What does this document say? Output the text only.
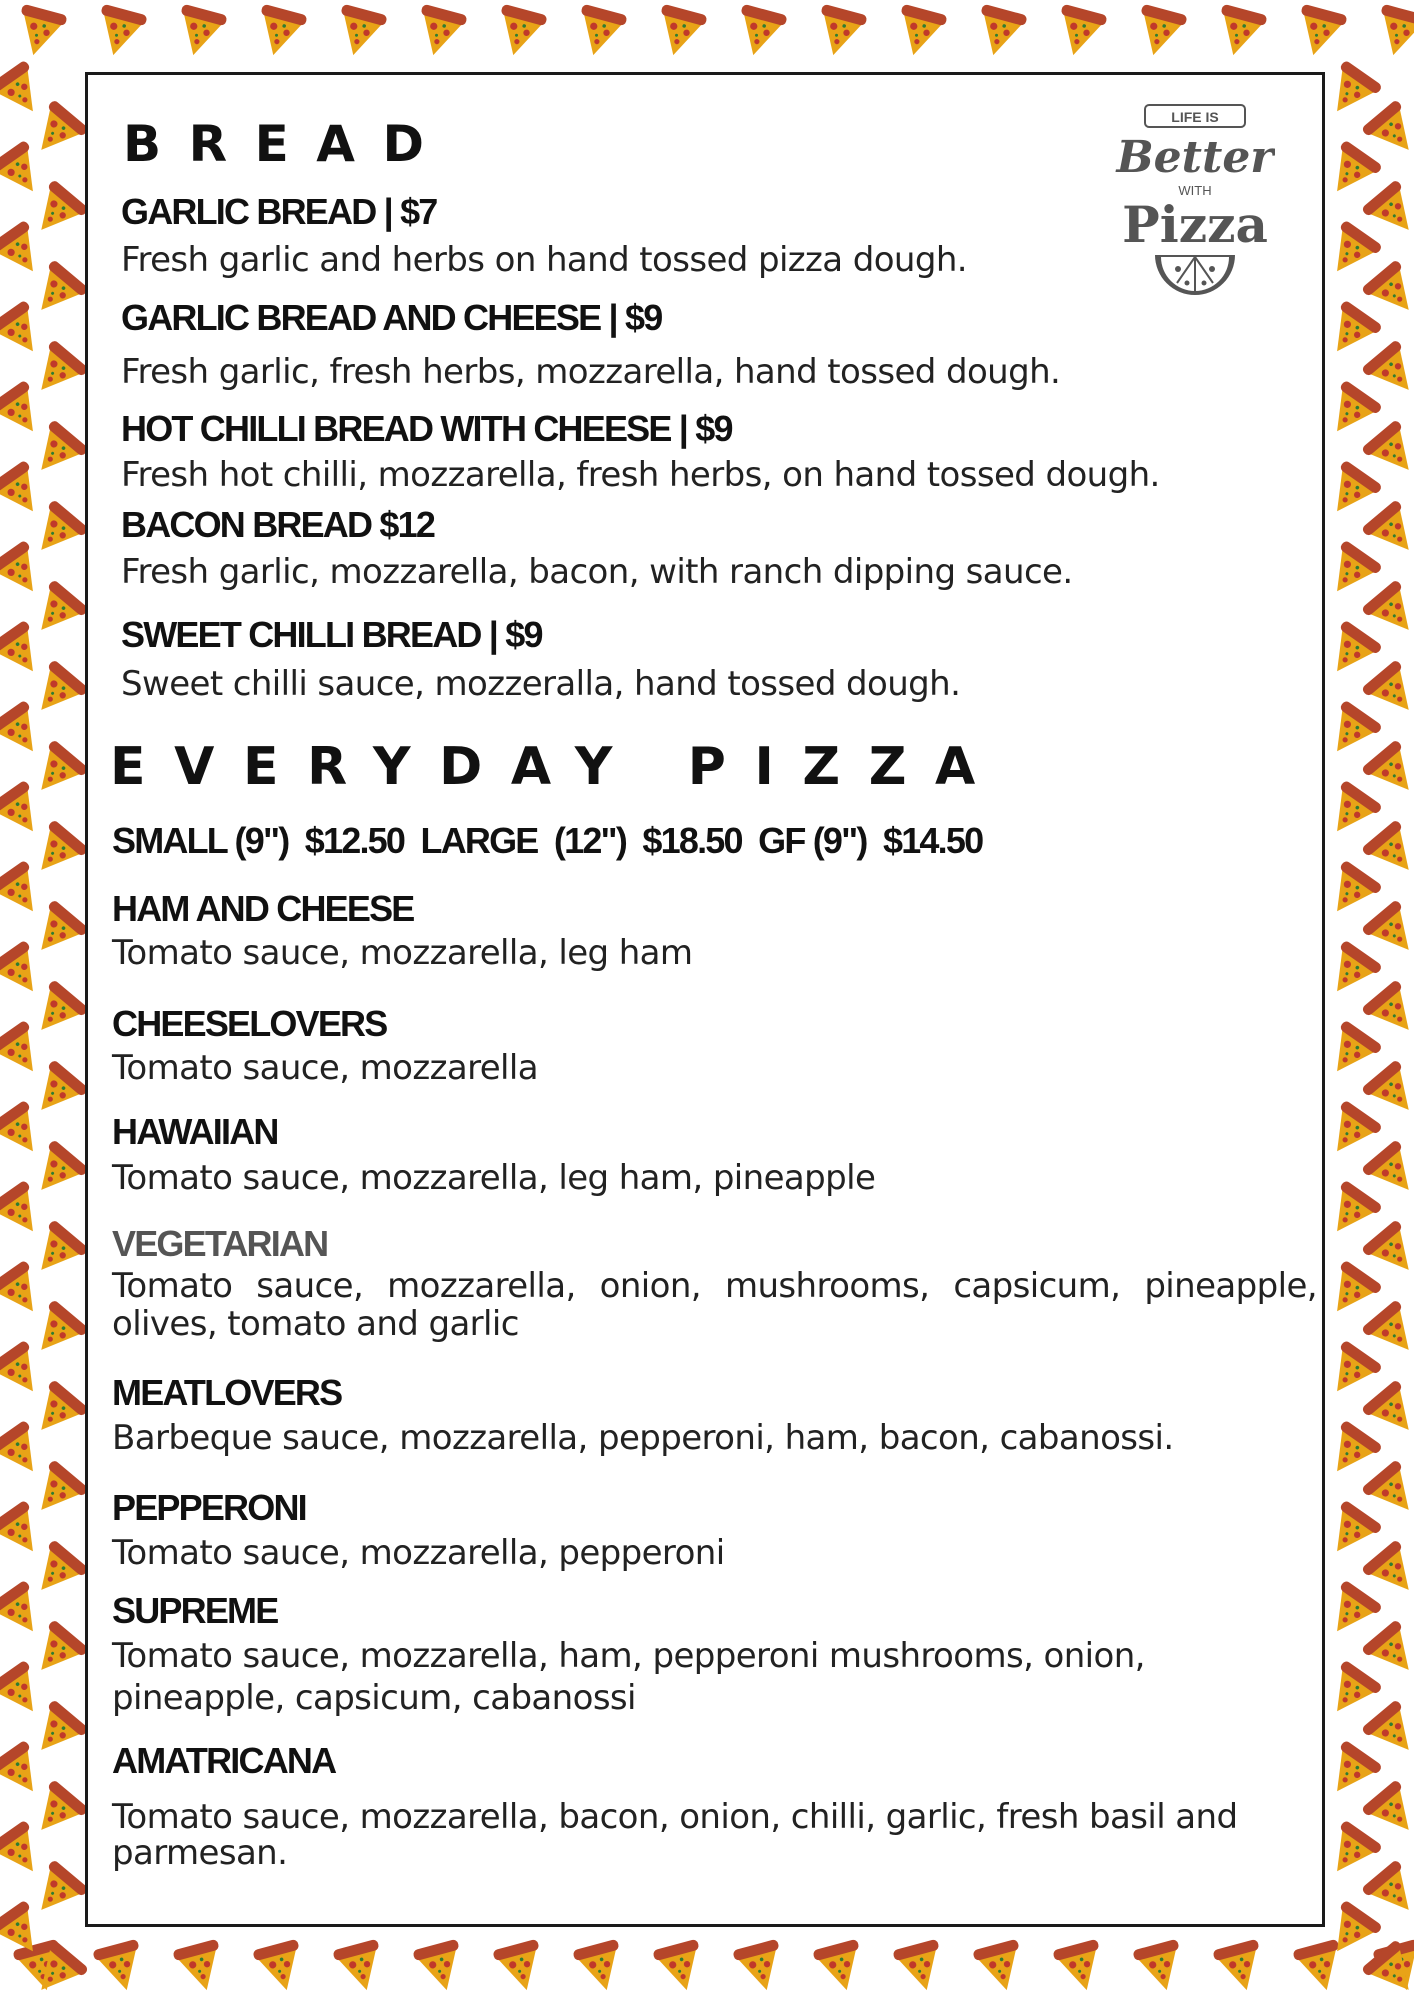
BREAD
GARLIC BREAD | $7

Fresh garlic and herbs on hand tossed pizza dough.

GARLIC BREAD AND CHEESE | $9

Fresh garlic, fresh herbs, mozzarella, hand tossed dough.

HOT CHILLI BREAD WITH CHEESE | $9

Fresh hot chilli, mozzarella, fresh herbs, on hand tossed dough.

BACON BREAD $12

Fresh garlic, mozzarella, bacon, with ranch dipping sauce.

SWEET CHILLI BREAD | $9

Sweet chilli sauce, mozzeralla, hand tossed dough.

EVERYDAY PIZZA

SMALL (9")  $12.50  LARGE  (12")  $18.50  GF (9")  $14.50

HAM AND CHEESE

Tomato sauce, mozzarella, leg ham

CHEESELOVERS

Tomato sauce, mozzarella

HAWAIIAN

Tomato sauce, mozzarella, leg ham, pineapple

VEGETARIAN

Tomato sauce, mozzarella, onion, mushrooms, capsicum, pineapple, olives, tomato and garlic

MEATLOVERS

Barbeque sauce, mozzarella, pepperoni, ham, bacon, cabanossi.

PEPPERONI

Tomato sauce, mozzarella, pepperoni

SUPREME

Tomato sauce, mozzarella, ham, pepperoni mushrooms, onion, pineapple, capsicum, cabanossi

AMATRICANA

Tomato sauce, mozzarella, bacon, onion, chilli, garlic, fresh basil and parmesan.

LIFE IS
Better
WITH
Pizza
